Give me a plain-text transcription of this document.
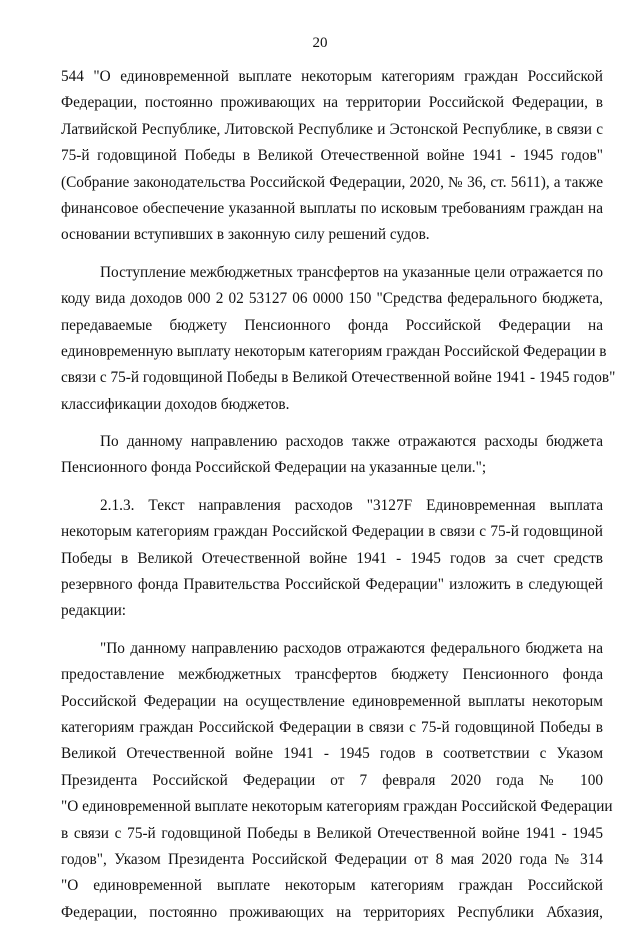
20
544 "О единовременной выплате некоторым категориям граждан Российской
Федерации, постоянно проживающих на территории Российской Федерации, в
Латвийской Республике, Литовской Республике и Эстонской Республике, в связи с
75-й годовщиной Победы в Великой Отечественной войне 1941 - 1945 годов"
(Собрание законодательства Российской Федерации, 2020, № 36, ст. 5611), а также
финансовое обеспечение указанной выплаты по исковым требованиям граждан на
основании вступивших в законную силу решений судов.
Поступление межбюджетных трансфертов на указанные цели отражается по
коду вида доходов 000 2 02 53127 06 0000 150 "Средства федерального бюджета,
передаваемые бюджету Пенсионного фонда Российской Федерации на
единовременную выплату некоторым категориям граждан Российской Федерации в
связи с 75-й годовщиной Победы в Великой Отечественной войне 1941 - 1945 годов"
классификации доходов бюджетов.
По данному направлению расходов также отражаются расходы бюджета
Пенсионного фонда Российской Федерации на указанные цели.";
2.1.3. Текст направления расходов "3127F Единовременная выплата
некоторым категориям граждан Российской Федерации в связи с 75-й годовщиной
Победы в Великой Отечественной войне 1941 - 1945 годов за счет средств
резервного фонда Правительства Российской Федерации" изложить в следующей
редакции:
"По данному направлению расходов отражаются федерального бюджета на
предоставление межбюджетных трансфертов бюджету Пенсионного фонда
Российской Федерации на осуществление единовременной выплаты некоторым
категориям граждан Российской Федерации в связи с 75-й годовщиной Победы в
Великой Отечественной войне 1941 - 1945 годов в соответствии с Указом
Президента Российской Федерации от 7 февраля 2020 года № 100
"О единовременной выплате некоторым категориям граждан Российской Федерации
в связи с 75-й годовщиной Победы в Великой Отечественной войне 1941 - 1945
годов", Указом Президента Российской Федерации от 8 мая 2020 года № 314
"О единовременной выплате некоторым категориям граждан Российской
Федерации, постоянно проживающих на территориях Республики Абхазия,
